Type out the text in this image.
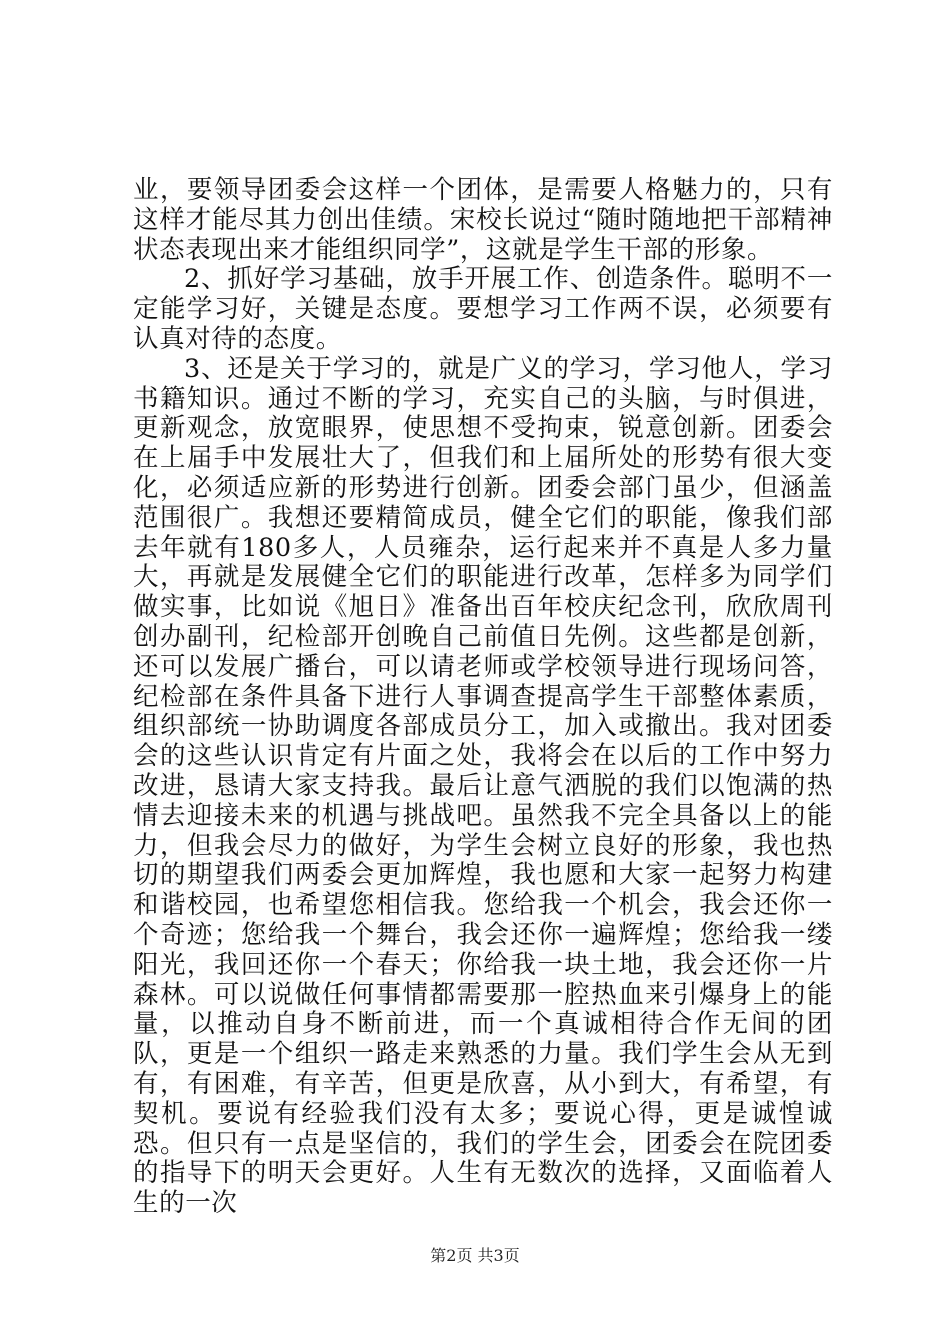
业，要领导团委会这样一个团体，是需要人格魅力的，只有这样才能尽其力创出佳绩。宋校长说过“随时随地把干部精神状态表现出来才能组织同学”，这就是学生干部的形象。

2、抓好学习基础，放手开展工作、创造条件。聪明不一定能学习好，关键是态度。要想学习工作两不误，必须要有认真对待的态度。

3、还是关于学习的，就是广义的学习，学习他人，学习书籍知识。通过不断的学习，充实自己的头脑，与时俱进，更新观念，放宽眼界，使思想不受拘束，锐意创新。团委会在上届手中发展壮大了，但我们和上届所处的形势有很大变化，必须适应新的形势进行创新。团委会部门虽少，但涵盖范围很广。我想还要精简成员，健全它们的职能，像我们部去年就有180多人，人员雍杂，运行起来并不真是人多力量大，再就是发展健全它们的职能进行改革，怎样多为同学们做实事，比如说《旭日》准备出百年校庆纪念刊，欣欣周刊创办副刊，纪检部开创晚自己前值日先例。这些都是创新，还可以发展广播台，可以请老师或学校领导进行现场问答，纪检部在条件具备下进行人事调查提高学生干部整体素质，组织部统一协助调度各部成员分工，加入或撤出。我对团委会的这些认识肯定有片面之处，我将会在以后的工作中努力改进，恳请大家支持我。最后让意气洒脱的我们以饱满的热情去迎接未来的机遇与挑战吧。虽然我不完全具备以上的能力，但我会尽力的做好，为学生会树立良好的形象，我也热切的期望我们两委会更加辉煌，我也愿和大家一起努力构建和谐校园，也希望您相信我。您给我一个机会，我会还你一个奇迹；您给我一个舞台，我会还你一遍辉煌；您给我一缕阳光，我回还你一个春天；你给我一块土地，我会还你一片森林。可以说做任何事情都需要那一腔热血来引爆身上的能量，以推动自身不断前进，而一个真诚相待合作无间的团队，更是一个组织一路走来熟悉的力量。我们学生会从无到有，有困难，有辛苦，但更是欣喜，从小到大，有希望，有契机。要说有经验我们没有太多；要说心得，更是诚惶诚恐。但只有一点是坚信的，我们的学生会，团委会在院团委的指导下的明天会更好。人生有无数次的选择，又面临着人生的一次

第2页 共3页
